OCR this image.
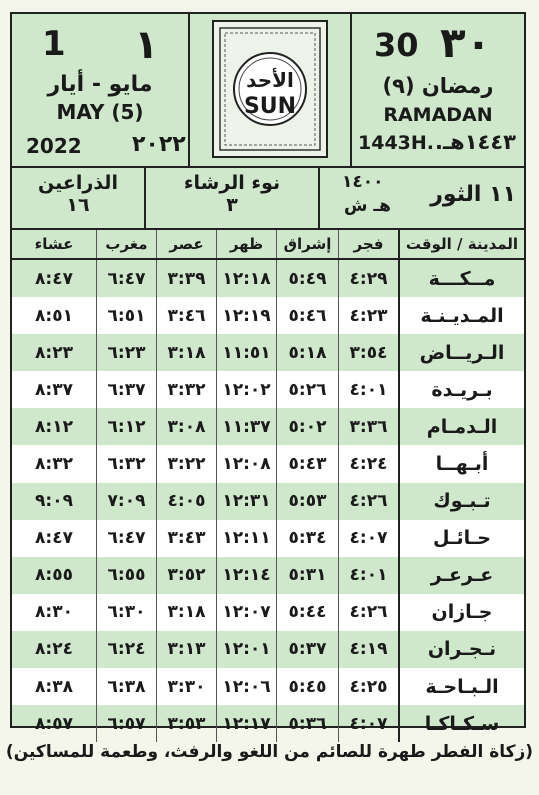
١
1
مايو - أيار
MAY (5)
٢٠٢٢
2022
الأحد
SUN
٣٠
30
رمضان (٩)
RAMADAN
١٤٤٣هـ.
1443H.
الذراعين
١٦
نوء الرشاء
٣	١١ الثور
١٤٠٠
هـ ش
المدينة / الوقت
فجر
إشراق
ظهر
عصر
مغرب
عشاء
مــكـــة
٤:٢٩
٥:٤٩
١٢:١٨
٣:٣٩
٦:٤٧
٨:٤٧
المـديـنـة
٤:٢٣
٥:٤٦
١٢:١٩
٣:٤٦
٦:٥١
٨:٥١
الـريــاض
٣:٥٤
٥:١٨
١١:٥١
٣:١٨
٦:٢٣
٨:٢٣
بـريـدة
٤:٠١
٥:٢٦
١٢:٠٢
٣:٣٢
٦:٣٧
٨:٣٧
الـدمـام
٣:٣٦
٥:٠٢
١١:٣٧
٣:٠٨
٦:١٢
٨:١٢
أبـهــا
٤:٢٤
٥:٤٣
١٢:٠٨
٣:٢٢
٦:٣٢
٨:٣٢
تـبـوك
٤:٢٦
٥:٥٣
١٢:٣١
٤:٠٥
٧:٠٩
٩:٠٩
حـائـل
٤:٠٧
٥:٣٤
١٢:١١
٣:٤٣
٦:٤٧
٨:٤٧
عـرعـر
٤:٠١
٥:٣١
١٢:١٤
٣:٥٢
٦:٥٥
٨:٥٥
جـازان
٤:٢٦
٥:٤٤
١٢:٠٧
٣:١٨
٦:٣٠
٨:٣٠
نـجـران
٤:١٩
٥:٣٧
١٢:٠١
٣:١٣
٦:٢٤
٨:٢٤
الـبـاحـة
٤:٢٥
٥:٤٥
١٢:٠٦
٣:٣٠
٦:٣٨
٨:٣٨
سـكـاكـا
٤:٠٧
٥:٣٦
١٢:١٧
٣:٥٣
٦:٥٧
٨:٥٧
(زكاة الفطر طهرة للصائم من اللغو والرفث، وطعمة للمساكين)
